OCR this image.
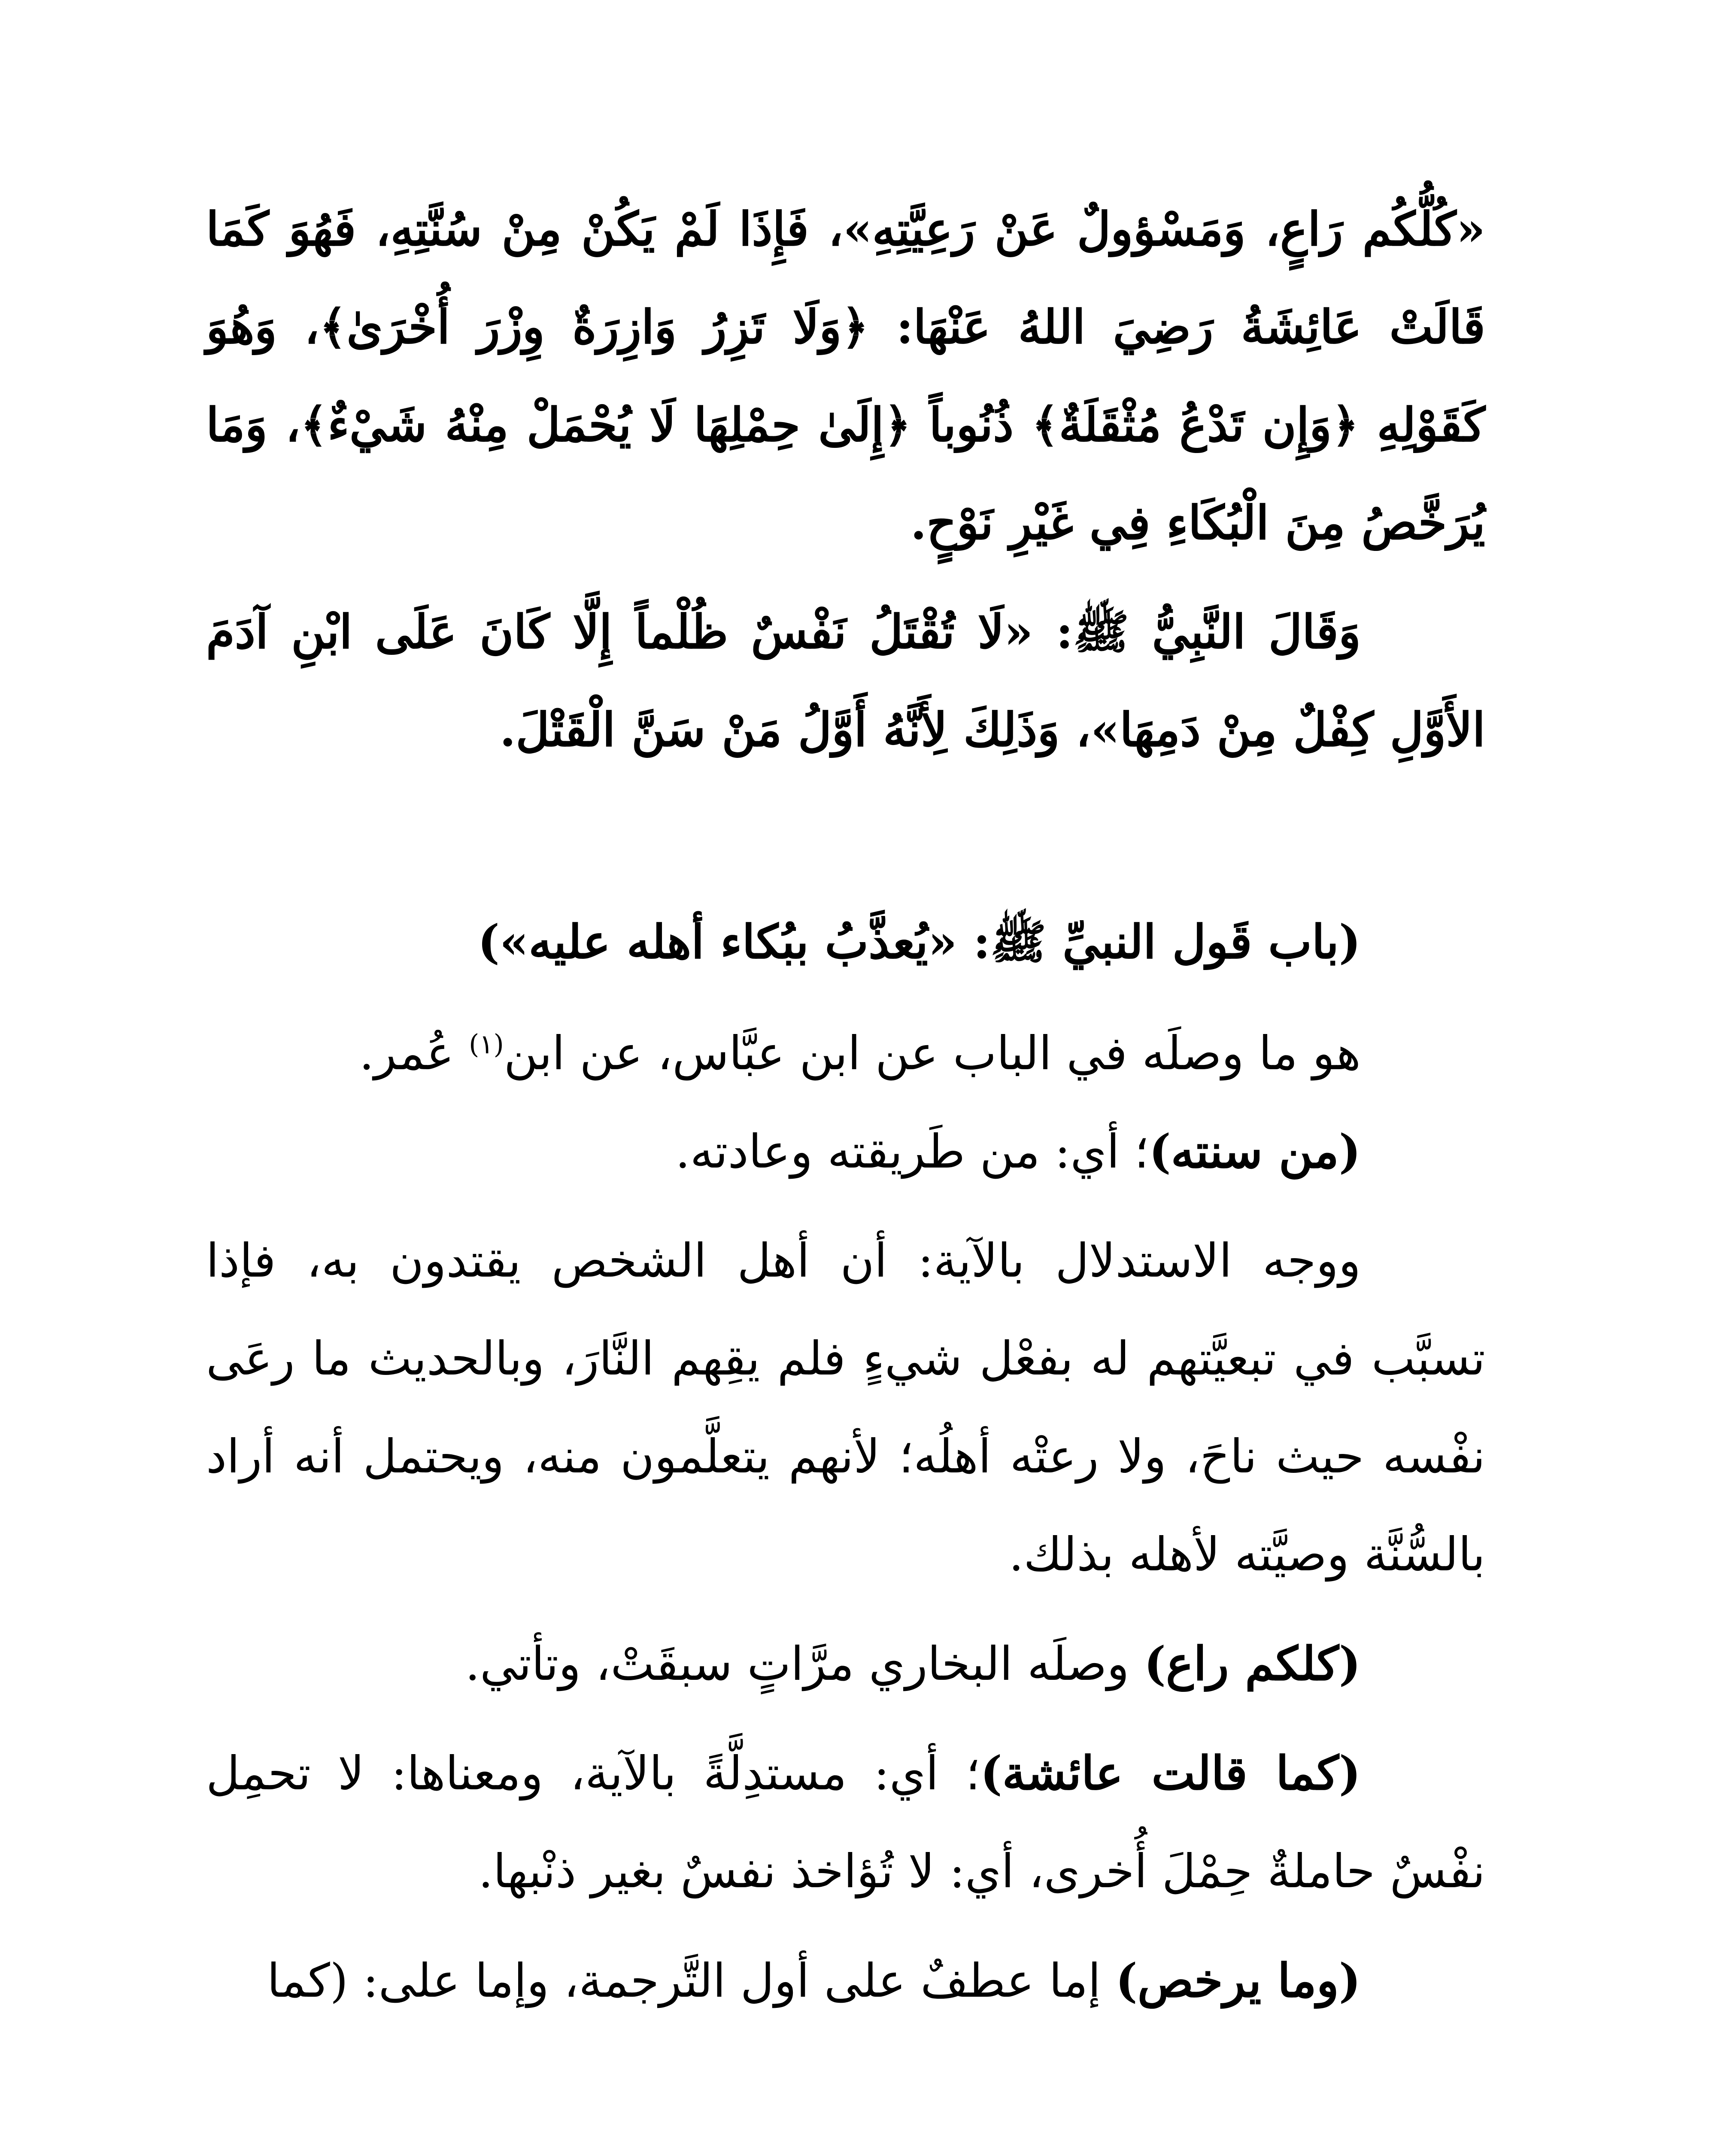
«كُلُّكُم رَاعٍ، وَمَسْؤولٌ عَنْ رَعِيَّتِهِ»، فَإِذَا لَمْ يَكُنْ مِنْ سُنَّتِهِ، فَهُوَ كَمَا قَالَتْ عَائِشَةُ رَضِيَ اللهُ عَنْهَا: ﴿وَلَا تَزِرُ وَازِرَةٌ وِزْرَ أُخْرَىٰ﴾، وَهُوَ كَقَوْلِهِ ﴿وَإِن تَدْعُ مُثْقَلَةٌ﴾ ذُنُوباً ﴿إِلَىٰ حِمْلِهَا لَا يُحْمَلْ مِنْهُ شَيْءٌ﴾، وَمَا يُرَخَّصُ مِنَ الْبُكَاءِ فِي غَيْرِ نَوْحٍ.

وَقَالَ النَّبِيُّ ﷺ: «لَا تُقْتَلُ نَفْسٌ ظُلْماً إِلَّا كَانَ عَلَى ابْنِ آدَمَ الأَوَّلِ كِفْلٌ مِنْ دَمِهَا»، وَذَلِكَ لِأَنَّهُ أَوَّلُ مَنْ سَنَّ الْقَتْلَ.

(باب قَول النبيِّ ﷺ: «يُعذَّبُ ببُكاء أهله عليه»)

هو ما وصلَه في الباب عن ابن عبَّاس، عن ابن$^{(١)}$ عُمر.

(من سنته)؛ أي: من طَريقته وعادته.

ووجه الاستدلال بالآية: أن أهل الشخص يقتدون به، فإذا تسبَّب في تبعيَّتهم له بفعْل شيءٍ فلم يقِهم النَّارَ، وبالحديث ما رعَى نفْسه حيث ناحَ، ولا رعتْه أهلُه؛ لأنهم يتعلَّمون منه، ويحتمل أنه أراد بالسُّنَّة وصيَّته لأهله بذلك.

(كلكم راع) وصلَه البخاري مرَّاتٍ سبقَتْ، وتأتي.

(كما قالت عائشة)؛ أي: مستدِلَّةً بالآية، ومعناها: لا تحمِل نفْسٌ حاملةٌ حِمْلَ أُخرى، أي: لا تُؤاخذ نفسٌ بغير ذنْبها.

(وما يرخص) إما عطفٌ على أول التَّرجمة، وإما على: (كما
